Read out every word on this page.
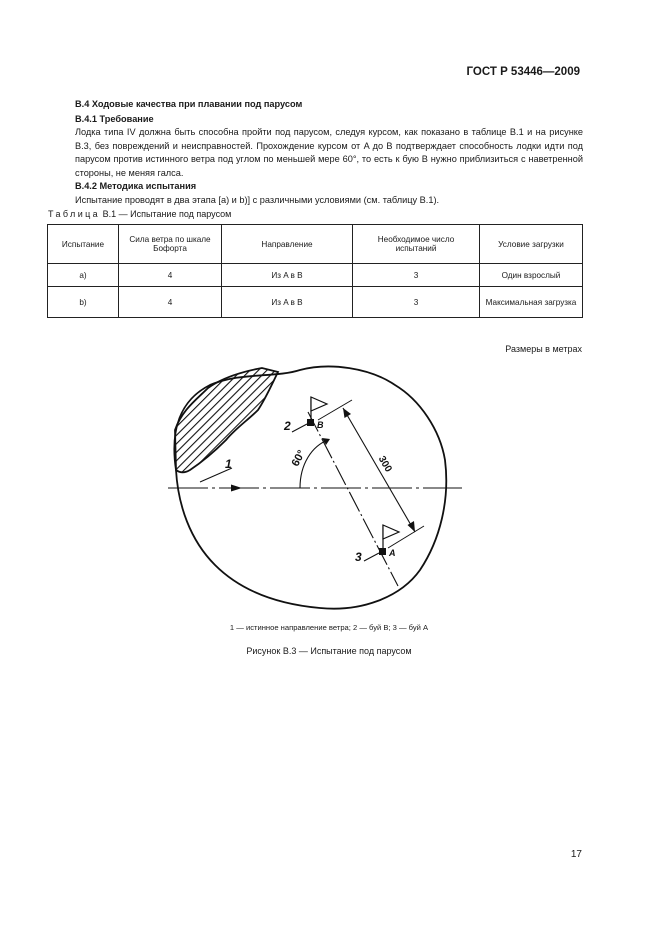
ГОСТ Р 53446—2009
В.4 Ходовые качества при плавании под парусом
В.4.1 Требование
Лодка типа IV должна быть способна пройти под парусом, следуя курсом, как показано в таблице В.1 и на рисунке В.3, без повреждений и неисправностей. Прохождение курсом от A до B подтверждает способность лодки идти под парусом против истинного ветра под углом по меньшей мере 60°, то есть к бую B нужно приблизиться с наветренной стороны, не меняя галса.
В.4.2 Методика испытания
Испытание проводят в два этапа [а) и b)] с различными условиями (см. таблицу В.1).
Таблица В.1 — Испытание под парусом
Испытание	Сила ветра по шкале Бофорта	Направление	Необходимое число испытаний	Условие загрузки
а)	4	Из A в B	3	Один взрослый
b)	4	Из A в B	3	Максимальная загрузка
Размеры в метрах
1	60°	300
B
2
A
3
1 — истинное направление ветра; 2 — буй B; 3 — буй A
Рисунок В.3 — Испытание под парусом
17
